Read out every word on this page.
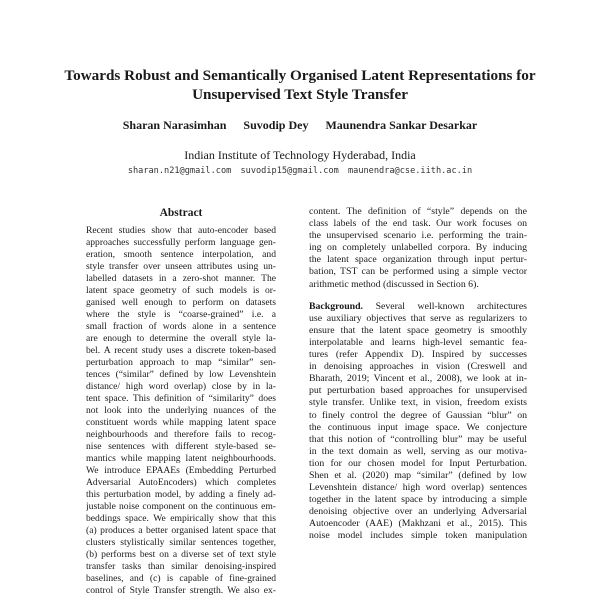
Towards Robust and Semantically Organised Latent Representations for
Unsupervised Text Style Transfer
Sharan Narasimhan Suvodip Dey Maunendra Sankar Desarkar
Indian Institute of Technology Hyderabad, India
sharan.n21@gmail.com suvodip15@gmail.com maunendra@cse.iith.ac.in
Abstract
Recent studies show that auto-encoder based
approaches successfully perform language gen-
eration, smooth sentence interpolation, and
style transfer over unseen attributes using un-
labelled datasets in a zero-shot manner. The
latent space geometry of such models is or-
ganised well enough to perform on datasets
where the style is “coarse-grained” i.e. a
small fraction of words alone in a sentence
are enough to determine the overall style la-
bel. A recent study uses a discrete token-based
perturbation approach to map “similar” sen-
tences (“similar” defined by low Levenshtein
distance/ high word overlap) close by in la-
tent space. This definition of “similarity” does
not look into the underlying nuances of the
constituent words while mapping latent space
neighbourhoods and therefore fails to recog-
nise sentences with different style-based se-
mantics while mapping latent neighbourhoods.
We introduce EPAAEs (Embedding Perturbed
Adversarial AutoEncoders) which completes
this perturbation model, by adding a finely ad-
justable noise component on the continuous em-
beddings space. We empirically show that this
(a) produces a better organised latent space that
clusters stylistically similar sentences together,
(b) performs best on a diverse set of text style
transfer tasks than similar denoising-inspired
baselines, and (c) is capable of fine-grained
control of Style Transfer strength. We also ex-
content. The definition of “style” depends on the
class labels of the end task. Our work focuses on
the unsupervised scenario i.e. performing the train-
ing on completely unlabelled corpora. By inducing
the latent space organization through input pertur-
bation, TST can be performed using a simple vector
arithmetic method (discussed in Section 6).
Background. Several well-known architectures
use auxiliary objectives that serve as regularizers to
ensure that the latent space geometry is smoothly
interpolatable and learns high-level semantic fea-
tures (refer Appendix D). Inspired by successes
in denoising approaches in vision (Creswell and
Bharath, 2019; Vincent et al., 2008), we look at in-
put perturbation based approaches for unsupervised
style transfer. Unlike text, in vision, freedom exists
to finely control the degree of Gaussian “blur” on
the continuous input image space. We conjecture
that this notion of “controlling blur” may be useful
in the text domain as well, serving as our motiva-
tion for our chosen model for Input Perturbation.
Shen et al. (2020) map “similar” (defined by low
Levenshtein distance/ high word overlap) sentences
together in the latent space by introducing a simple
denoising objective over an underlying Adversarial
Autoencoder (AAE) (Makhzani et al., 2015). This
noise model includes simple token manipulation
